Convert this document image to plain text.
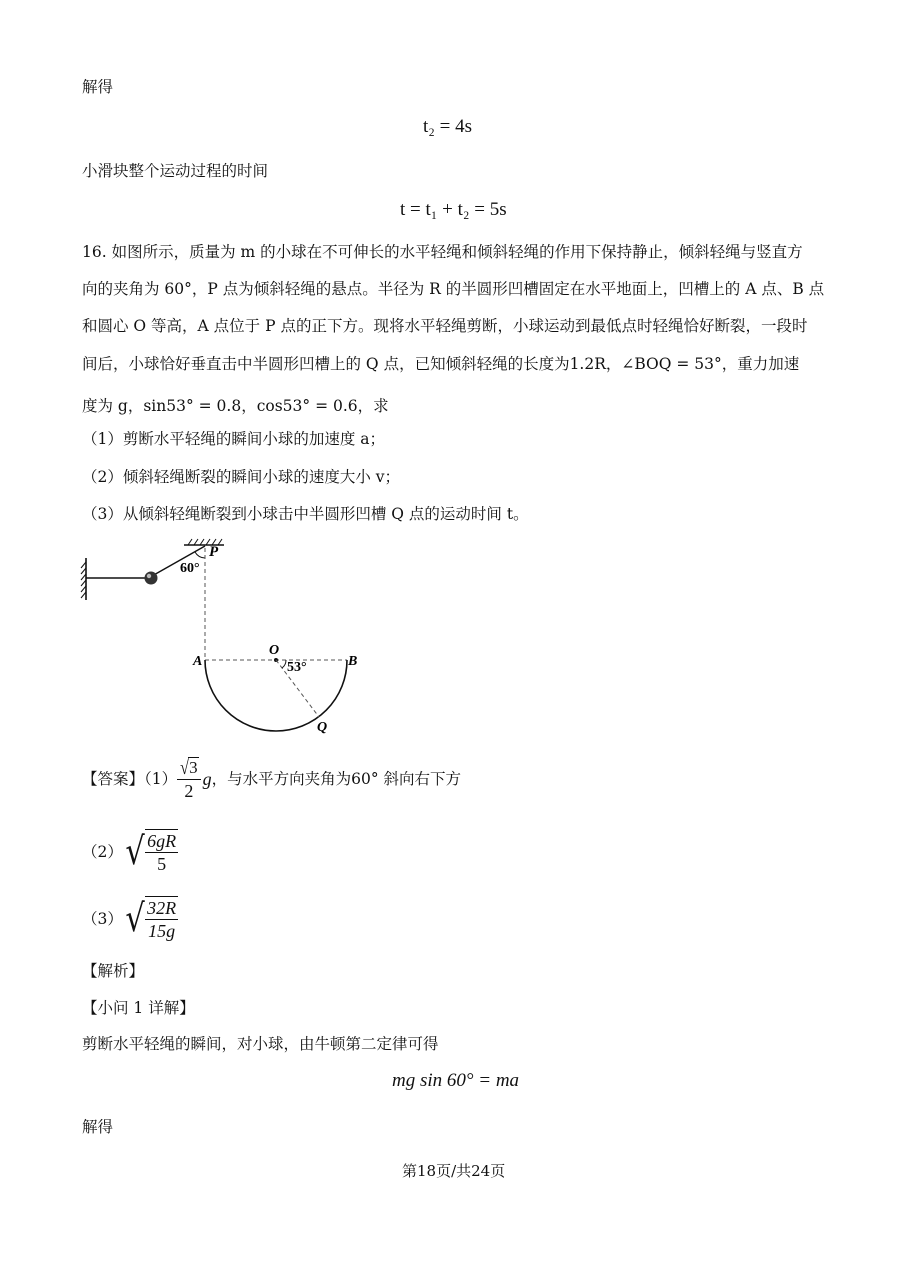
解得
t₂ = 4s
小滑块整个运动过程的时间
t = t₁ + t₂ = 5s
16. 如图所示，质量为 m 的小球在不可伸长的水平轻绳和倾斜轻绳的作用下保持静止，倾斜轻绳与竖直方
向的夹角为 60°，P 点为倾斜轻绳的悬点。半径为 R 的半圆形凹槽固定在水平地面上，凹槽上的 A 点、B 点
和圆心 O 等高，A 点位于 P 点的正下方。现将水平轻绳剪断，小球运动到最低点时轻绳恰好断裂，一段时
间后，小球恰好垂直击中半圆形凹槽上的 Q 点，已知倾斜轻绳的长度为1.2R，∠BOQ = 53°，重力加速
度为 g，sin53° = 0.8，cos53° = 0.6，求
（1）剪断水平轻绳的瞬间小球的加速度 a；
（2）倾斜轻绳断裂的瞬间小球的速度大小 v；
（3）从倾斜轻绳断裂到小球击中半圆形凹槽 Q 点的运动时间 t。
P
60°
O
A	B
53°
Q
【答案】$(1) \frac{√ 3}{2}$ g ，与水平方向夹角为60° 斜向右下方
（2） √ $\frac{6gR}{5}$
（3） √ $\frac{32R}{15g}$
【解析】
【小问 1 详解】
剪断水平轻绳的瞬间，对小球，由牛顿第二定律可得
mg sin 60° = ma
解得
第18页/共24页
